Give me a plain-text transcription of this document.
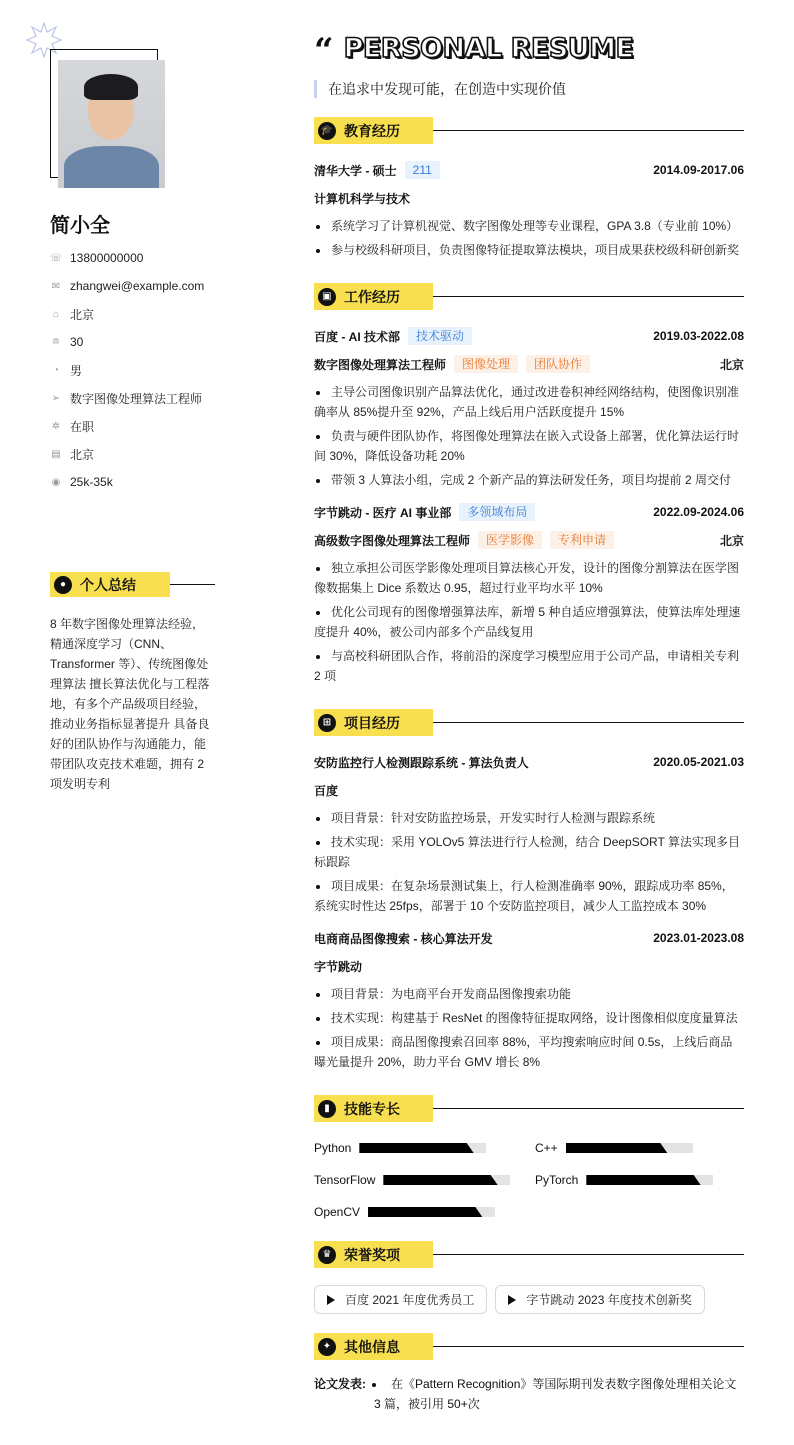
简小全
☏ 13800000000
✉ zhangwei@example.com
⌂ 北京
≘ 30
◔ 男
➢ 数字图像处理算法工程师
✲ 在职
▤ 北京
◉ 25k-35k
● 个人总结
8 年数字图像处理算法经验，精通深度学习（CNN、Transformer 等）、传统图像处理算法 擅长算法优化与工程落地，有多个产品级项目经验，推动业务指标显著提升 具备良好的团队协作与沟通能力，能带团队攻克技术难题，拥有 2 项发明专利
“ PERSONAL RESUME
在追求中发现可能，在创造中实现价值
🎓 教育经历
清华大学 - 硕士	211	2014.09-2017.06
计算机科学与技术
系统学习了计算机视觉、数字图像处理等专业课程，GPA 3.8（专业前 10%）
参与校级科研项目，负责图像特征提取算法模块，项目成果获校级科研创新奖
▣ 工作经历
百度 - AI 技术部	技术驱动	2019.03-2022.08
数字图像处理算法工程师	图像处理	团队协作	北京
主导公司图像识别产品算法优化，通过改进卷积神经网络结构，使图像识别准确率从 85%提升至 92%，产品上线后用户活跃度提升 15%
负责与硬件团队协作，将图像处理算法在嵌入式设备上部署，优化算法运行时间 30%，降低设备功耗 20%
带领 3 人算法小组，完成 2 个新产品的算法研发任务，项目均提前 2 周交付
字节跳动 - 医疗 AI 事业部	多领域布局	2022.09-2024.06
高级数字图像处理算法工程师	医学影像	专利申请	北京
独立承担公司医学影像处理项目算法核心开发，设计的图像分割算法在医学图像数据集上 Dice 系数达 0.95，超过行业平均水平 10%
优化公司现有的图像增强算法库，新增 5 种自适应增强算法，使算法库处理速度提升 40%，被公司内部多个产品线复用
与高校科研团队合作，将前沿的深度学习模型应用于公司产品，申请相关专利 2 项
⊞ 项目经历
安防监控行人检测跟踪系统 - 算法负责人	2020.05-2021.03
百度
项目背景：针对安防监控场景，开发实时行人检测与跟踪系统
技术实现：采用 YOLOv5 算法进行行人检测，结合 DeepSORT 算法实现多目标跟踪
项目成果：在复杂场景测试集上，行人检测准确率 90%，跟踪成功率 85%，系统实时性达 25fps，部署于 10 个安防监控项目，减少人工监控成本 30%
电商商品图像搜索 - 核心算法开发	2023.01-2023.08
字节跳动
项目背景：为电商平台开发商品图像搜索功能
技术实现：构建基于 ResNet 的图像特征提取网络，设计图像相似度度量算法
项目成果：商品图像搜索召回率 88%，平均搜索响应时间 0.5s，上线后商品曝光量提升 20%，助力平台 GMV 增长 8%
▮	技能专长
Python	C++
TensorFlow	PyTorch
OpenCV
♛ 荣誉奖项
百度 2021 年度优秀员工	字节跳动 2023 年度技术创新奖
✦ 其他信息
论文发表:	在《Pattern Recognition》等国际期刊发表数字图像处理相关论文 3 篇，被引用 50+次
